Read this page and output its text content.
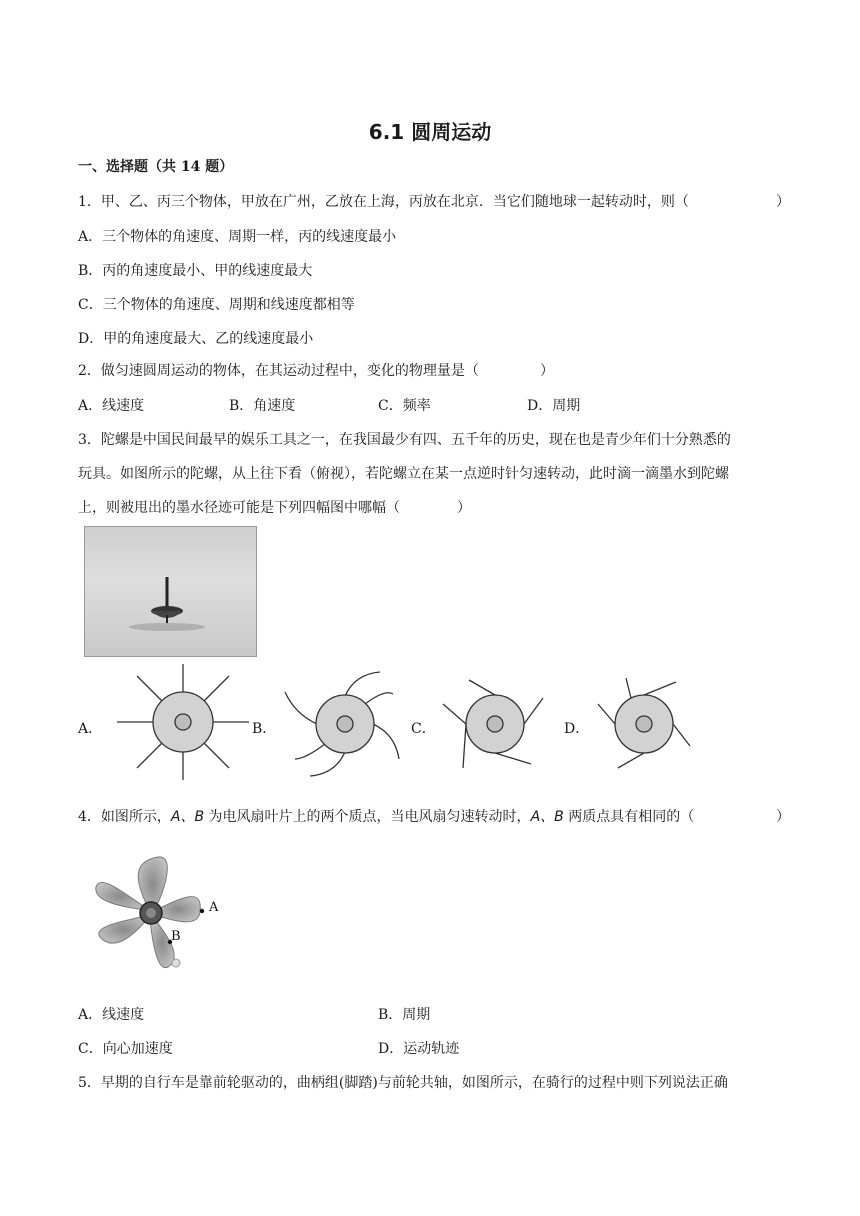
6.1 圆周运动
一、选择题（共 14 题）
1．甲、乙、丙三个物体，甲放在广州，乙放在上海，丙放在北京．当它们随地球一起转动时，则（	）
A．三个物体的角速度、周期一样，丙的线速度最小
B．丙的角速度最小、甲的线速度最大
C．三个物体的角速度、周期和线速度都相等
D．甲的角速度最大、乙的线速度最小
2．做匀速圆周运动的物体，在其运动过程中，变化的物理量是（	）
A．线速度	B．角速度	C．频率	D．周期
3．陀螺是中国民间最早的娱乐工具之一，在我国最少有四、五千年的历史，现在也是青少年们十分熟悉的
玩具。如图所示的陀螺，从上往下看（俯视），若陀螺立在某一点逆时针匀速转动，此时滴一滴墨水到陀螺
上，则被甩出的墨水径迹可能是下列四幅图中哪幅（	）
A．	B．	C．	D．
4．如图所示，A、B 为电风扇叶片上的两个质点，当电风扇匀速转动时，A、B 两质点具有相同的（	）
A
B
A．线速度	B．周期
C．向心加速度	D．运动轨迹
5．早期的自行车是靠前轮驱动的，曲柄组(脚踏)与前轮共轴，如图所示，在骑行的过程中则下列说法正确
